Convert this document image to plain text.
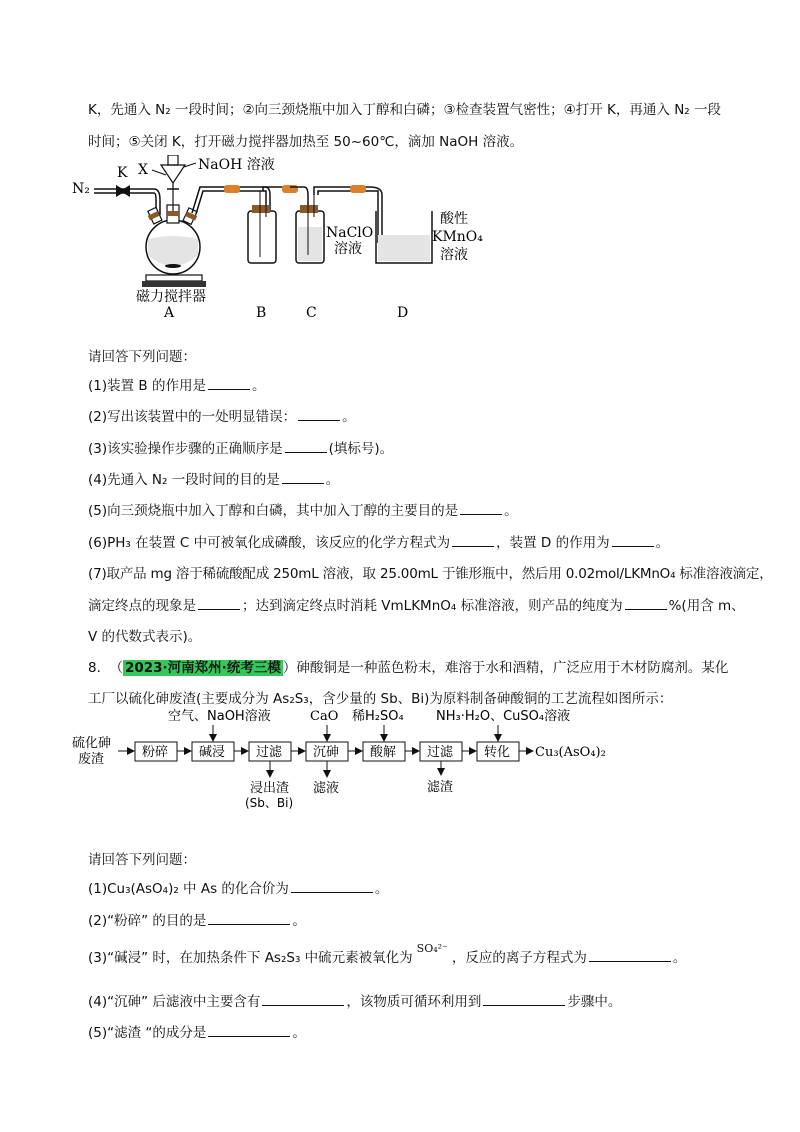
K，先通入 N₂ 一段时间；②向三颈烧瓶中加入丁醇和白磷；③检查装置气密性；④打开 K，再通入 N₂ 一段
时间；⑤关闭 K，打开磁力搅拌器加热至 50~60℃，滴加 NaOH 溶液。
N₂
K X	NaOH 溶液
NaClO
溶液
酸性
KMnO₄
溶液
磁力搅拌器
A	B	C	D
请回答下列问题：
(1)装置 B 的作用是	。
(2)写出该装置中的一处明显错误：	。
(3)该实验操作步骤的正确顺序是	(填标号)。
(4)先通入 N₂ 一段时间的目的是	。
(5)向三颈烧瓶中加入丁醇和白磷，其中加入丁醇的主要目的是	。
(6)PH₃ 在装置 C 中可被氧化成磷酸，该反应的化学方程式为	，装置 D 的作用为	。
(7)取产品 mg 溶于稀硫酸配成 250mL 溶液，取 25.00mL 于锥形瓶中，然后用 0.02mol/LKMnO₄ 标准溶液滴定，
滴定终点的现象是	；达到滴定终点时消耗 VmLKMnO₄ 标准溶液，则产品的纯度为	%(用含 m、
V 的代数式表示)。
8. （ 2023·河南郑州·统考三模 ）砷酸铜是一种蓝色粉末，难溶于水和酒精，广泛应用于木材防腐剂。某化
工厂以硫化砷废渣(主要成分为 As₂S₃，含少量的 Sb、Bi)为原料制备砷酸铜的工艺流程如图所示：
硫化砷
废渣	粉碎 碱浸 过滤 沉砷 酸解 过滤 转化 Cu₃(AsO₄)₂
空气、NaOH溶液	CaO 稀H₂SO₄ NH₃·H₂O、CuSO₄溶液
浸出渣
(Sb、Bi)
滤液	滤渣
请回答下列问题：
(1)Cu₃(AsO₄)₂ 中 As 的化合价为	。
(2)“粉碎” 的目的是	。
(3)“碱浸” 时，在加热条件下 As₂S₃ 中硫元素被氧化为$^{SO_4^{2-}}$，反应的离子方程式为	。
(4)“沉砷” 后滤液中主要含有	，该物质可循环利用到	步骤中。
(5)“滤渣 “的成分是	。
